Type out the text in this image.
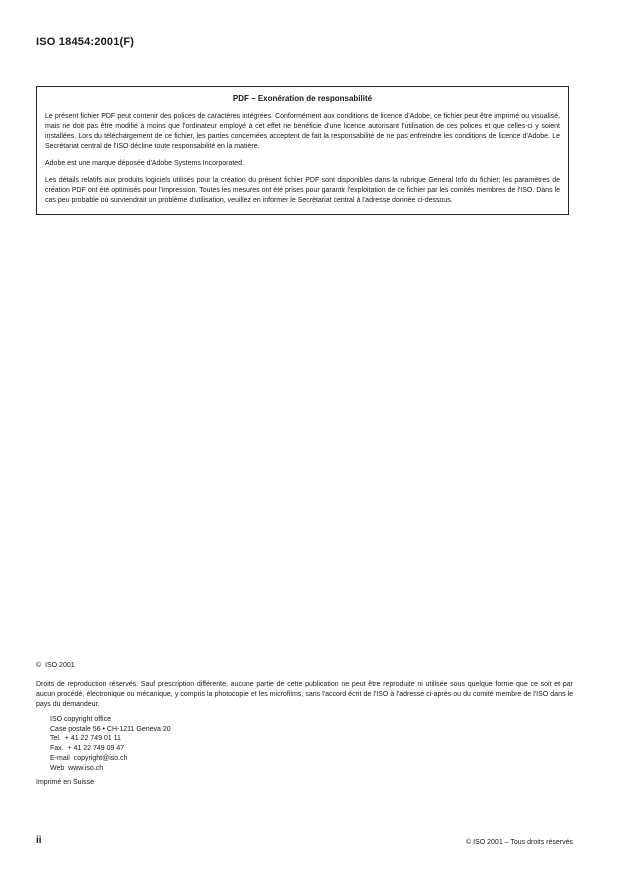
ISO 18454:2001(F)
PDF – Exonération de responsabilité

Le présent fichier PDF peut contenir des polices de caractères intégrées. Conformément aux conditions de licence d'Adobe, ce fichier peut être imprimé ou visualisé, mais ne doit pas être modifié à moins que l'ordinateur employé à cet effet ne bénéficie d'une licence autorisant l'utilisation de ces polices et que celles-ci y soient installées. Lors du téléchargement de ce fichier, les parties concernées acceptent de fait la responsabilité de ne pas enfreindre les conditions de licence d'Adobe. Le Secrétariat central de l'ISO décline toute responsabilité en la matière.

Adobe est une marque déposée d'Adobe Systems Incorporated.

Les détails relatifs aux produits logiciels utilisés pour la création du présent fichier PDF sont disponibles dans la rubrique General Info du fichier; les paramètres de création PDF ont été optimisés pour l'impression. Toutes les mesures ont été prises pour garantir l'exploitation de ce fichier par les comités membres de l'ISO. Dans le cas peu probable où surviendrait un problème d'utilisation, veuillez en informer le Secrétariat central à l'adresse donnée ci-dessous.

©  ISO 2001

Droits de reproduction réservés. Sauf prescription différente, aucune partie de cette publication ne peut être reproduite ni utilisée sous quelque forme que ce soit et par aucun procédé, électronique ou mécanique, y compris la photocopie et les microfilms, sans l'accord écrit de l'ISO à l'adresse ci-après ou du comité membre de l'ISO dans le pays du demandeur.

ISO copyright office
Case postale 56 • CH-1211 Geneva 20
Tel.  + 41 22 749 01 11
Fax.  + 41 22 749 09 47
E-mail  copyright@iso.ch
Web  www.iso.ch
Imprimé en Suisse
ii	© ISO 2001 – Tous droits réservés
